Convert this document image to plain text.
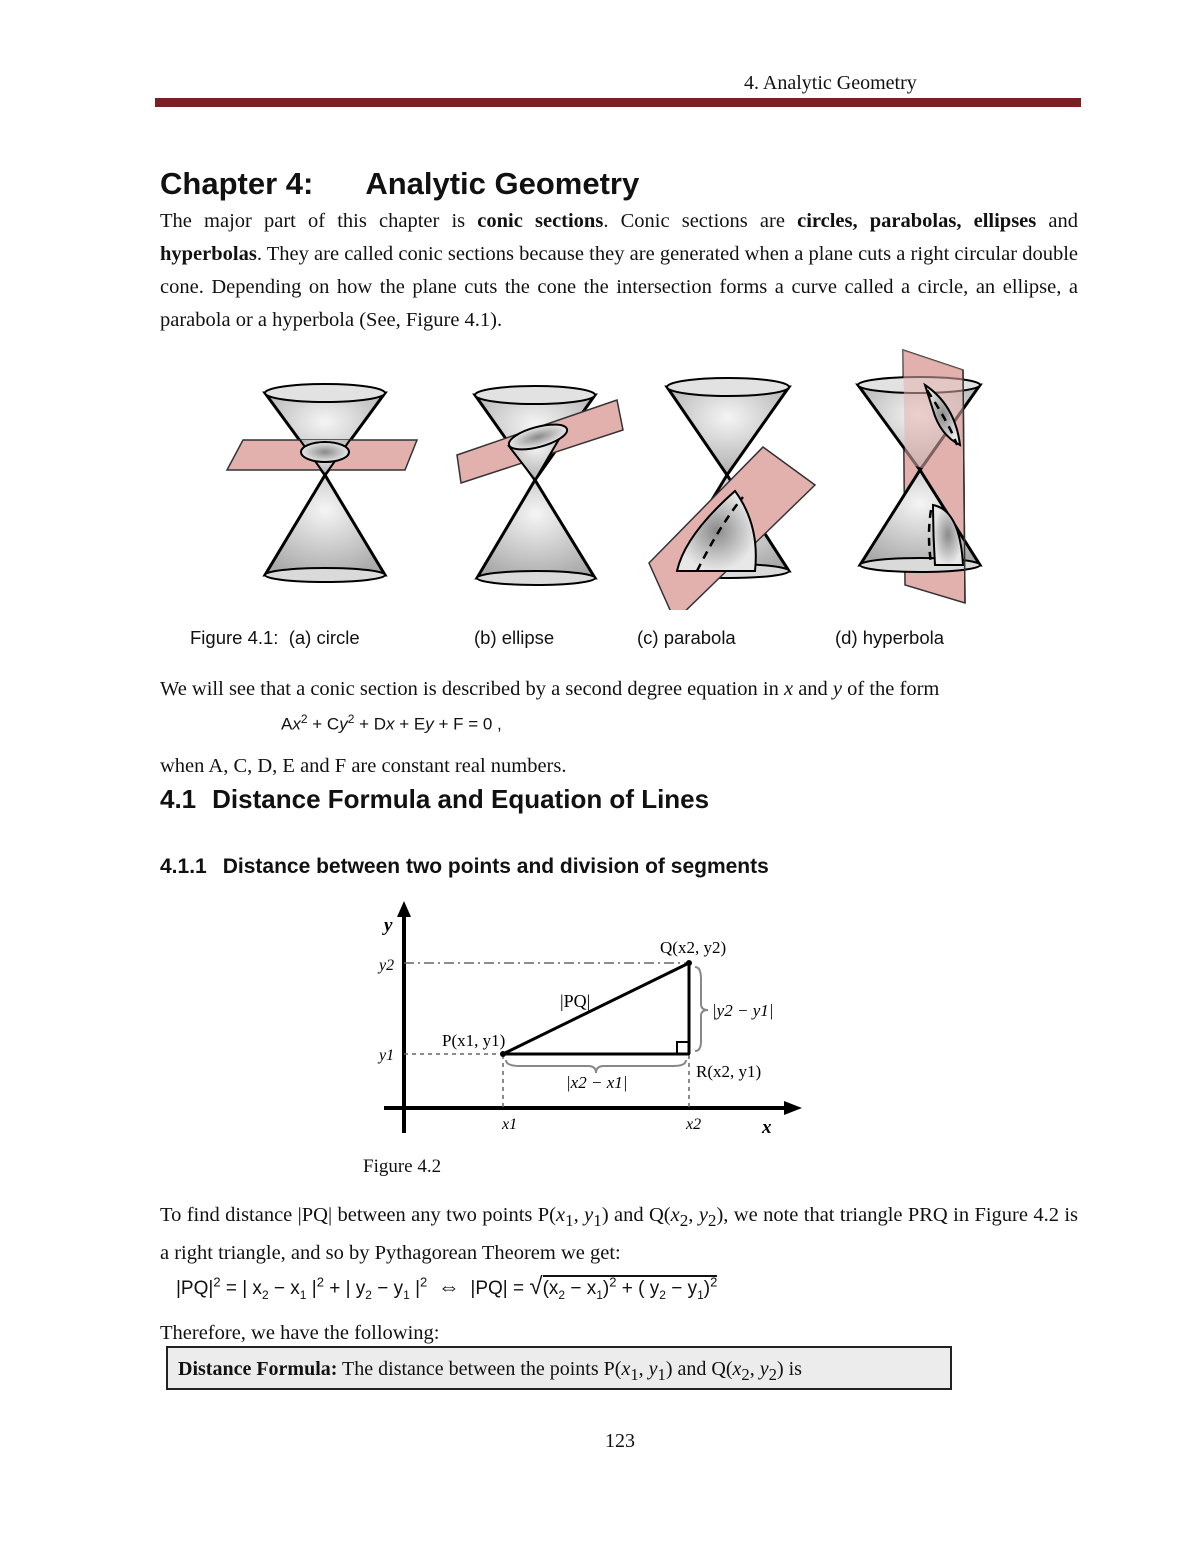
4. Analytic Geometry
Chapter 4: Analytic Geometry
The major part of this chapter is conic sections. Conic sections are circles, parabolas, ellipses and hyperbolas. They are called conic sections because they are generated when a plane cuts a right circular double cone. Depending on how the plane cuts the cone the intersection forms a curve called a circle, an ellipse, a parabola or a hyperbola (See, Figure 4.1).
Figure 4.1: (a) circle	(b) ellipse	(c) parabola	(d) hyperbola
We will see that a conic section is described by a second degree equation in x and y of the form
$Ax^2 + Cy^2 + Dx + Ey + F = 0$ ,
when A, C, D, E and F are constant real numbers.
4.1 Distance Formula and Equation of Lines
4.1.1 Distance between two points and division of segments
y
x
y2
y1
x1	x2
Q(x2, y2)
P(x1, y1)
R(x2, y1)
|PQ|
|x2 − x1|
|y2 − y1|
Figure 4.2
To find distance |PQ| between any two points $P(x_1$, $y_1$) and $Q(x_2$, $y_2$), we note that triangle PRQ in Figure 4.2 is a right triangle, and so by Pythagorean Theorem we get:
$|PQ|^2$ = | $x_2 - x_1$ $|^2$ + | $y_2 - y_1$ $|^2$ ⇔ $|PQ| = √(x_2 - x_1)^2$ + ( $y_2 - y_1)^2$
Therefore, we have the following:
Distance Formula: The distance between the points $P(x_1$, $y_1$) and $Q(x_2$, $y_2$) is
123
